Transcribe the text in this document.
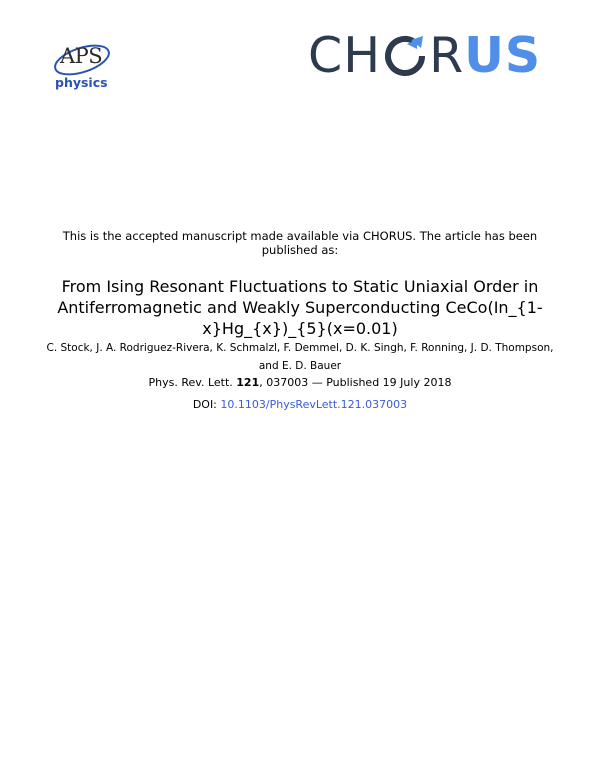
APS
physics	CH R US
This is the accepted manuscript made available via CHORUS. The article has been published as:
From Ising Resonant Fluctuations to Static Uniaxial Order in Antiferromagnetic and Weakly Superconducting CeCo(In_{1-x}Hg_{x})_{5}(x=0.01)
C. Stock, J. A. Rodriguez-Rivera, K. Schmalzl, F. Demmel, D. K. Singh, F. Ronning, J. D. Thompson, and E. D. Bauer
Phys. Rev. Lett. 121, 037003 — Published 19 July 2018
DOI: 10.1103/PhysRevLett.121.037003
